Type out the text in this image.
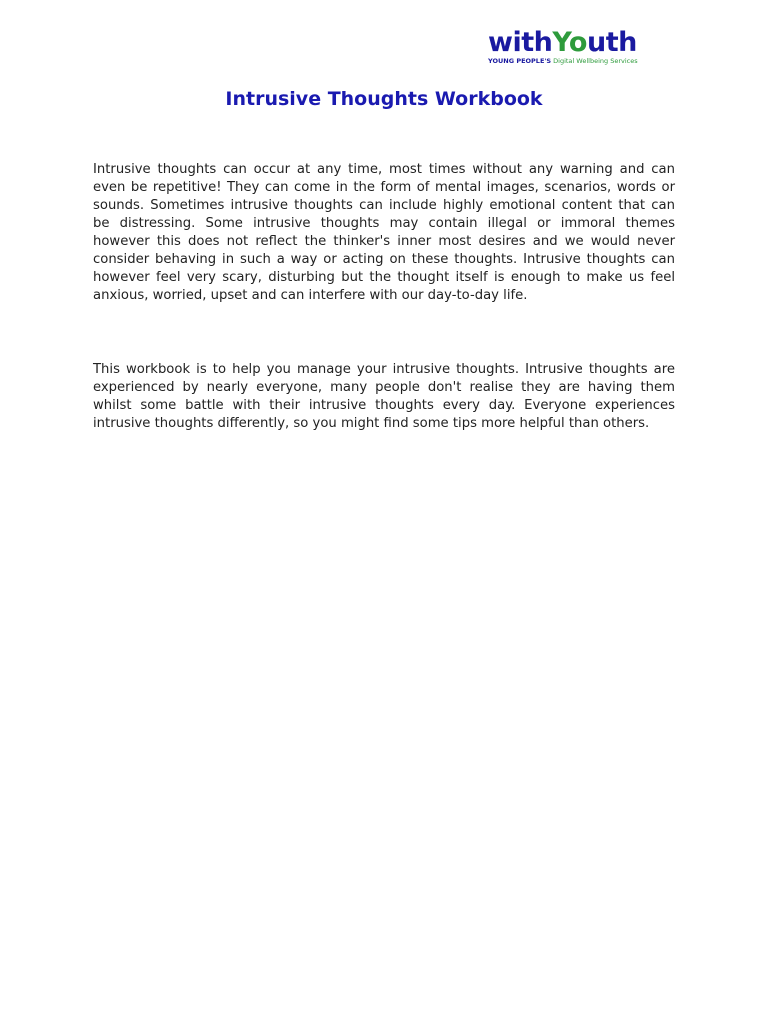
withYouth
YOUNG PEOPLE'S Digital Wellbeing Services
Intrusive Thoughts Workbook

Intrusive thoughts can occur at any time, most times without any warning and can even be repetitive! They can come in the form of mental images, scenarios, words or sounds. Sometimes intrusive thoughts can include highly emotional content that can be distressing. Some intrusive thoughts may contain illegal or immoral themes however this does not reflect the thinker's inner most desires and we would never consider behaving in such a way or acting on these thoughts. Intrusive thoughts can however feel very scary, disturbing but the thought itself is enough to make us feel anxious, worried, upset and can interfere with our day-to-day life.

This workbook is to help you manage your intrusive thoughts. Intrusive thoughts are experienced by nearly everyone, many people don't realise they are having them whilst some battle with their intrusive thoughts every day. Everyone experiences intrusive thoughts differently, so you might find some tips more helpful than others.
